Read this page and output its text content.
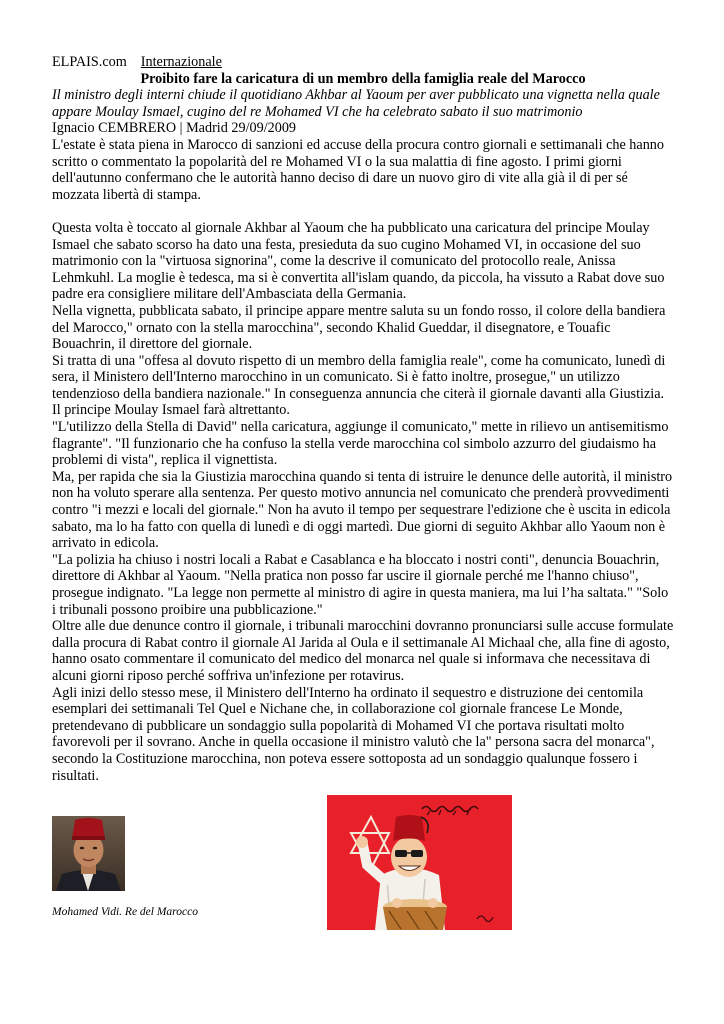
ELPAIS.com Internazionale
Proibito fare la caricatura di un membro della famiglia reale del Marocco
Il ministro degli interni chiude il quotidiano Akhbar al Yaoum per aver pubblicato una vignetta nella quale appare Moulay Ismael, cugino del re Mohamed VI che ha celebrato sabato il suo matrimonio
Ignacio CEMBRERO | Madrid 29/09/2009

L'estate è stata piena in Marocco di sanzioni ed accuse della procura contro giornali e settimanali che hanno scritto o commentato la popolarità del re Mohamed VI o la sua malattia di fine agosto. I primi giorni dell'autunno confermano che le autorità hanno deciso di dare un nuovo giro di vite alla già il di per sé mozzata libertà di stampa.

Questa volta è toccato al giornale Akhbar al Yaoum che ha pubblicato una caricatura del principe Moulay Ismael che sabato scorso ha dato una festa, presieduta da suo cugino Mohamed VI, in occasione del suo matrimonio con la "virtuosa signorina", come la descrive il comunicato del protocollo reale, Anissa Lehmkuhl. La moglie è tedesca, ma si è convertita all'islam quando, da piccola, ha vissuto a Rabat dove suo padre era consigliere militare dell'Ambasciata della Germania.

Nella vignetta, pubblicata sabato, il principe appare mentre saluta su un fondo rosso, il colore della bandiera del Marocco," ornato con la stella marocchina", secondo Khalid Gueddar, il disegnatore, e Touafic Bouachrin, il direttore del giornale.

Si tratta di una "offesa al dovuto rispetto di un membro della famiglia reale", come ha comunicato, lunedì di sera, il Ministero dell'Interno marocchino in un comunicato. Si è fatto inoltre, prosegue," un utilizzo tendenzioso della bandiera nazionale." In conseguenza annuncia che citerà il giornale davanti alla Giustizia. Il principe Moulay Ismael farà altrettanto.

"L'utilizzo della Stella di David" nella caricatura, aggiunge il comunicato," mette in rilievo un antisemitismo flagrante". "Il funzionario che ha confuso la stella verde marocchina col simbolo azzurro del giudaismo ha problemi di vista", replica il vignettista.

Ma, per rapida che sia la Giustizia marocchina quando si tenta di istruire le denunce delle autorità, il ministro non ha voluto sperare alla sentenza. Per questo motivo annuncia nel comunicato che prenderà provvedimenti contro "i mezzi e locali del giornale." Non ha avuto il tempo per sequestrare l'edizione che è uscita in edicola sabato, ma lo ha fatto con quella di lunedì e di oggi martedì. Due giorni di seguito Akhbar allo Yaoum non è arrivato in edicola.

"La polizia ha chiuso i nostri locali a Rabat e Casablanca e ha bloccato i nostri conti", denuncia Bouachrin, direttore di Akhbar al Yaoum. "Nella pratica non posso far uscire il giornale perché me l'hanno chiuso", prosegue indignato. "La legge non permette al ministro di agire in questa maniera, ma lui l’ha saltata." "Solo i tribunali possono proibire una pubblicazione."

Oltre alle due denunce contro il giornale, i tribunali marocchini dovranno pronunciarsi sulle accuse formulate dalla procura di Rabat contro il giornale Al Jarida al Oula e il settimanale Al Michaal che, alla fine di agosto, hanno osato commentare il comunicato del medico del monarca nel quale si informava che necessitava di alcuni giorni riposo perché soffriva un'infezione per rotavirus.

Agli inizi dello stesso mese, il Ministero dell'Interno ha ordinato il sequestro e distruzione dei centomila esemplari dei settimanali Tel Quel e Nichane che, in collaborazione col giornale francese Le Monde, pretendevano di pubblicare un sondaggio sulla popolarità di Mohamed VI che portava risultati molto favorevoli per il sovrano. Anche in quella occasione il ministro valutò che la" persona sacra del monarca", secondo la Costituzione marocchina, non poteva essere sottoposta ad un sondaggio qualunque fossero i risultati.

Mohamed Vidi. Re del Marocco
